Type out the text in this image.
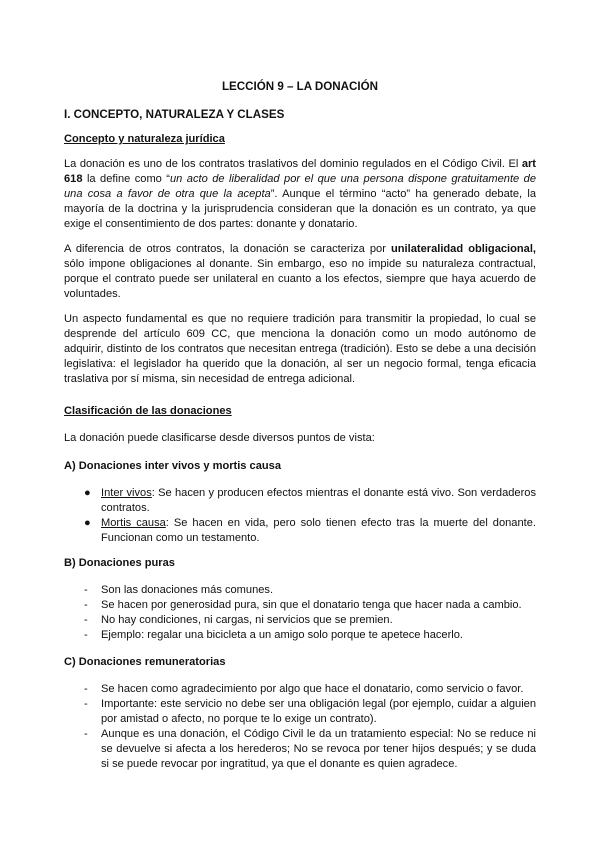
LECCIÓN 9 – LA DONACIÓN
I. CONCEPTO, NATURALEZA Y CLASES
Concepto y naturaleza jurídica
La donación es uno de los contratos traslativos del dominio regulados en el Código Civil. El art 618 la define como “un acto de liberalidad por el que una persona dispone gratuitamente de una cosa a favor de otra que la acepta”. Aunque el término “acto” ha generado debate, la mayoría de la doctrina y la jurisprudencia consideran que la donación es un contrato, ya que exige el consentimiento de dos partes: donante y donatario.
A diferencia de otros contratos, la donación se caracteriza por unilateralidad obligacional, sólo impone obligaciones al donante. Sin embargo, eso no impide su naturaleza contractual, porque el contrato puede ser unilateral en cuanto a los efectos, siempre que haya acuerdo de voluntades.
Un aspecto fundamental es que no requiere tradición para transmitir la propiedad, lo cual se desprende del artículo 609 CC, que menciona la donación como un modo autónomo de adquirir, distinto de los contratos que necesitan entrega (tradición). Esto se debe a una decisión legislativa: el legislador ha querido que la donación, al ser un negocio formal, tenga eficacia traslativa por sí misma, sin necesidad de entrega adicional.
Clasificación de las donaciones
La donación puede clasificarse desde diversos puntos de vista:
A) Donaciones inter vivos y mortis causa
● Inter vivos: Se hacen y producen efectos mientras el donante está vivo. Son verdaderos contratos.
● Mortis causa: Se hacen en vida, pero solo tienen efecto tras la muerte del donante. Funcionan como un testamento.
B) Donaciones puras
- Son las donaciones más comunes.
- Se hacen por generosidad pura, sin que el donatario tenga que hacer nada a cambio.
- No hay condiciones, ni cargas, ni servicios que se premien.
- Ejemplo: regalar una bicicleta a un amigo solo porque te apetece hacerlo.
C) Donaciones remuneratorias
- Se hacen como agradecimiento por algo que hace el donatario, como servicio o favor.
- Importante: este servicio no debe ser una obligación legal (por ejemplo, cuidar a alguien por amistad o afecto, no porque te lo exige un contrato).
- Aunque es una donación, el Código Civil le da un tratamiento especial: No se reduce ni se devuelve si afecta a los herederos; No se revoca por tener hijos después; y se duda si se puede revocar por ingratitud, ya que el donante es quien agradece.
